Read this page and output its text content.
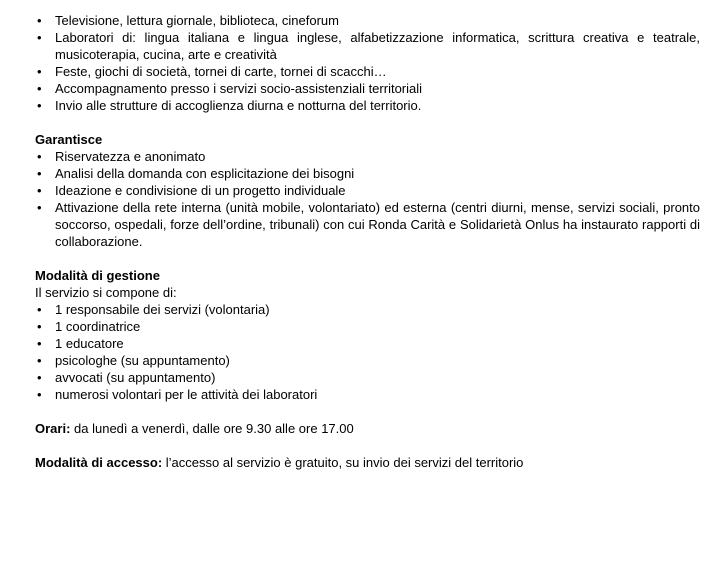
• Televisione, lettura giornale, biblioteca, cineforum
• Laboratori di: lingua italiana e lingua inglese, alfabetizzazione informatica, scrittura creativa e teatrale, musicoterapia, cucina, arte e creatività
• Feste, giochi di società, tornei di carte, tornei di scacchi…
• Accompagnamento presso i servizi socio-assistenziali territoriali
• Invio alle strutture di accoglienza diurna e notturna del territorio.

Garantisce

• Riservatezza e anonimato
• Analisi della domanda con esplicitazione dei bisogni
• Ideazione e condivisione di un progetto individuale
• Attivazione della rete interna (unità mobile, volontariato) ed esterna (centri diurni, mense, servizi sociali, pronto soccorso, ospedali, forze dell’ordine, tribunali) con cui Ronda Carità e Solidarietà Onlus ha instaurato rapporti di collaborazione.

Modalità di gestione

Il servizio si compone di:

• 1 responsabile dei servizi (volontaria)
• 1 coordinatrice
• 1 educatore
• psicologhe (su appuntamento)
• avvocati (su appuntamento)
• numerosi volontari per le attività dei laboratori

Orari: da lunedì a venerdì, dalle ore 9.30 alle ore 17.00

Modalità di accesso: l’accesso al servizio è gratuito, su invio dei servizi del territorio
